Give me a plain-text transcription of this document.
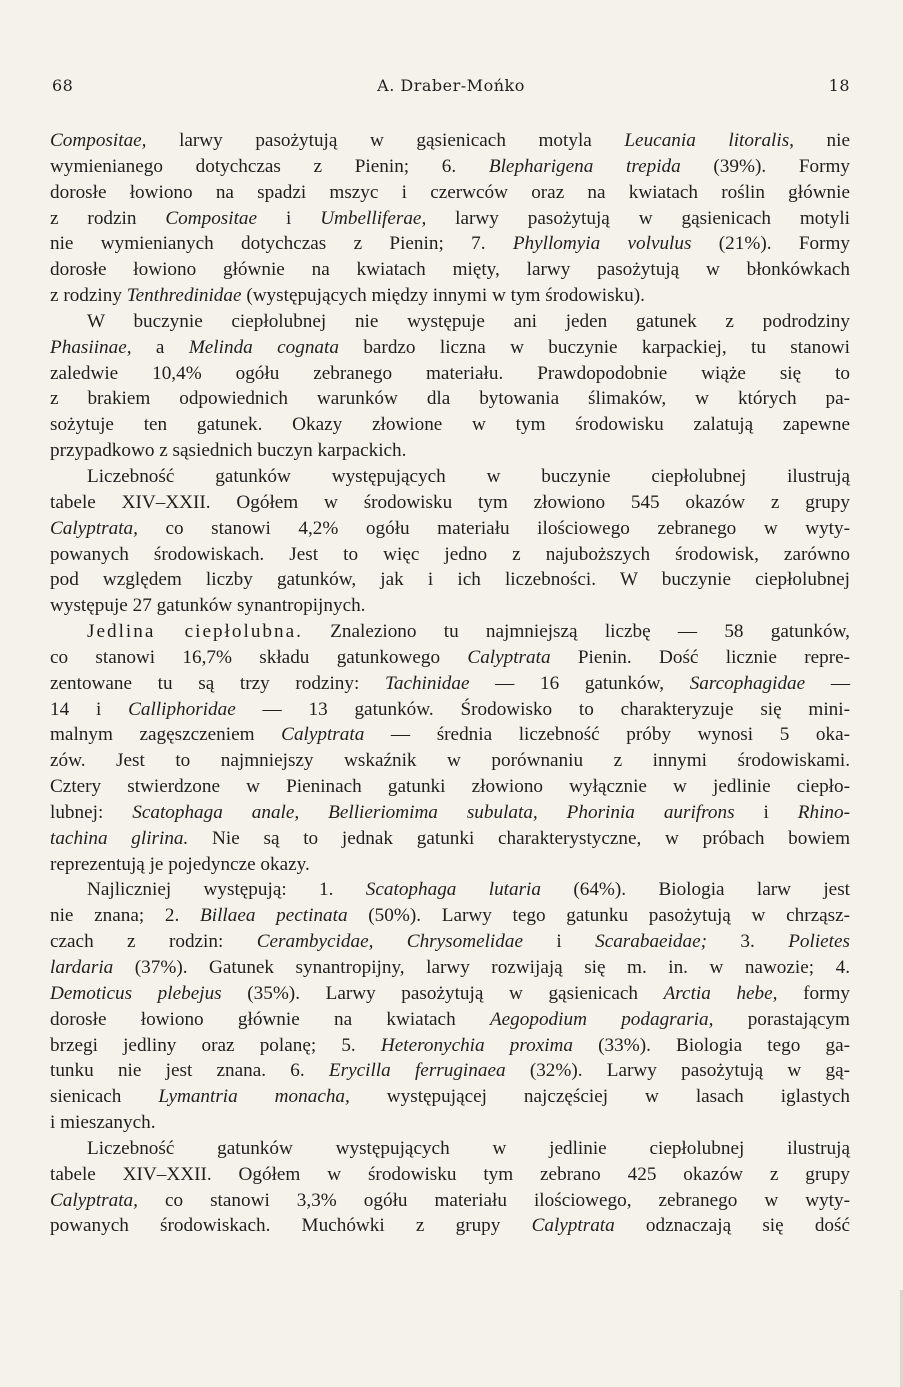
68	A. Draber-Mońko	18
Compositae, larwy pasożytują w gąsienicach motyla Leucania litoralis, nie
wymienianego dotychczas z Pienin; 6. Blepharigena trepida (39%). Formy
dorosłe łowiono na spadzi mszyc i czerwców oraz na kwiatach roślin głównie
z rodzin Compositae i Umbelliferae, larwy pasożytują w gąsienicach motyli
nie wymienianych dotychczas z Pienin; 7. Phyllomyia volvulus (21%). Formy
dorosłe łowiono głównie na kwiatach mięty, larwy pasożytują w błonkówkach
z rodziny Tenthredinidae (występujących między innymi w tym środowisku).
W buczynie ciepłolubnej nie występuje ani jeden gatunek z podrodziny
Phasiinae, a Melinda cognata bardzo liczna w buczynie karpackiej, tu stanowi
zaledwie 10,4% ogółu zebranego materiału. Prawdopodobnie wiąże się to
z brakiem odpowiednich warunków dla bytowania ślimaków, w których pa-
sożytuje ten gatunek. Okazy złowione w tym środowisku zalatują zapewne
przypadkowo z sąsiednich buczyn karpackich.
Liczebność gatunków występujących w buczynie ciepłolubnej ilustrują
tabele XIV–XXII. Ogółem w środowisku tym złowiono 545 okazów z grupy
Calyptrata, co stanowi 4,2% ogółu materiału ilościowego zebranego w wyty-
powanych środowiskach. Jest to więc jedno z najuboższych środowisk, zarówno
pod względem liczby gatunków, jak i ich liczebności. W buczynie ciepłolubnej
występuje 27 gatunków synantropijnych.
Jedlina ciepłolubna. Znaleziono tu najmniejszą liczbę — 58 gatunków,
co stanowi 16,7% składu gatunkowego Calyptrata Pienin. Dość licznie repre-
zentowane tu są trzy rodziny: Tachinidae — 16 gatunków, Sarcophagidae —
14 i Calliphoridae — 13 gatunków. Środowisko to charakteryzuje się mini-
malnym zagęszczeniem Calyptrata — średnia liczebność próby wynosi 5 oka-
zów. Jest to najmniejszy wskaźnik w porównaniu z innymi środowiskami.
Cztery stwierdzone w Pieninach gatunki złowiono wyłącznie w jedlinie ciepło-
lubnej: Scatophaga anale, Bellieriomima subulata, Phorinia aurifrons i Rhino-
tachina glirina. Nie są to jednak gatunki charakterystyczne, w próbach bowiem
reprezentują je pojedyncze okazy.
Najliczniej występują: 1. Scatophaga lutaria (64%). Biologia larw jest
nie znana; 2. Billaea pectinata (50%). Larwy tego gatunku pasożytują w chrząsz-
czach z rodzin: Cerambycidae, Chrysomelidae i Scarabaeidae; 3. Polietes
lardaria (37%). Gatunek synantropijny, larwy rozwijają się m. in. w nawozie; 4.
Demoticus plebejus (35%). Larwy pasożytują w gąsienicach Arctia hebe, formy
dorosłe łowiono głównie na kwiatach Aegopodium podagraria, porastającym
brzegi jedliny oraz polanę; 5. Heteronychia proxima (33%). Biologia tego ga-
tunku nie jest znana. 6. Erycilla ferruginaea (32%). Larwy pasożytują w gą-
sienicach Lymantria monacha, występującej najczęściej w lasach iglastych
i mieszanych.
Liczebność gatunków występujących w jedlinie ciepłolubnej ilustrują
tabele XIV–XXII. Ogółem w środowisku tym zebrano 425 okazów z grupy
Calyptrata, co stanowi 3,3% ogółu materiału ilościowego, zebranego w wyty-
powanych środowiskach. Muchówki z grupy Calyptrata odznaczają się dość
